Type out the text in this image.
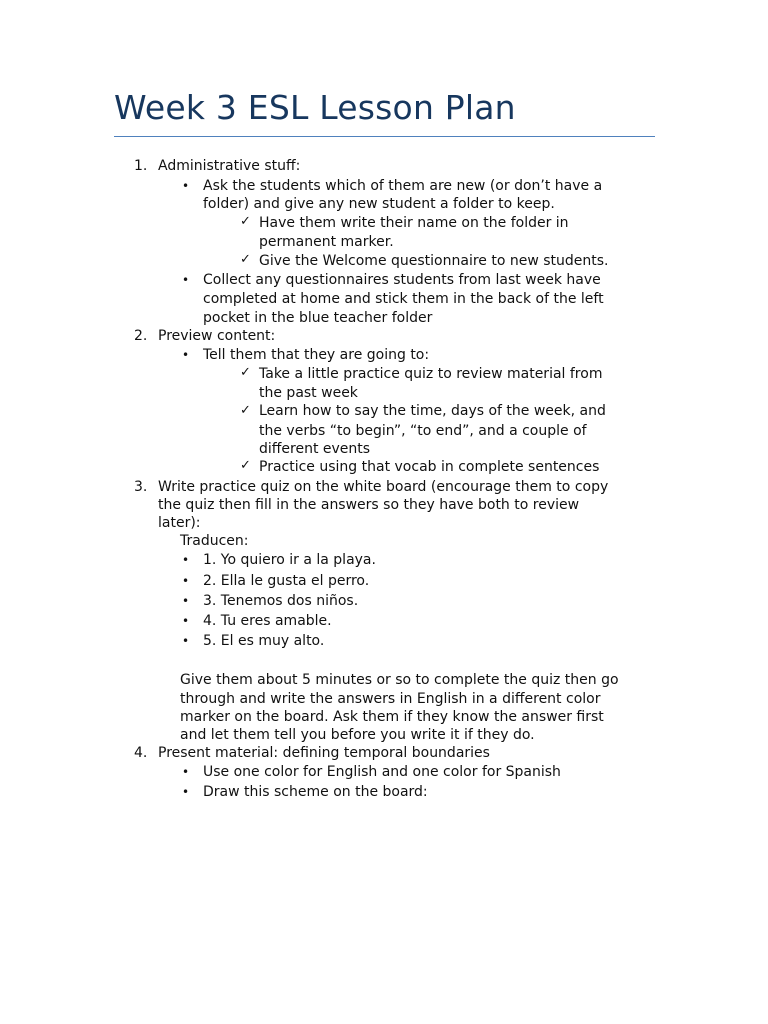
Week 3 ESL Lesson Plan
1. Administrative stuff:
• Ask the students which of them are new (or don’t have a
folder) and give any new student a folder to keep.
✓ Have them write their name on the folder in
permanent marker.
✓ Give the Welcome questionnaire to new students.
• Collect any questionnaires students from last week have
completed at home and stick them in the back of the left
pocket in the blue teacher folder
2. Preview content:
• Tell them that they are going to:
✓ Take a little practice quiz to review material from
the past week
✓ Learn how to say the time, days of the week, and
the verbs “to begin”, “to end”, and a couple of
different events
✓ Practice using that vocab in complete sentences
3. Write practice quiz on the white board (encourage them to copy
the quiz then fill in the answers so they have both to review
later):
Traducen:
• 1. Yo quiero ir a la playa.
• 2. Ella le gusta el perro.
• 3. Tenemos dos niños.
• 4. Tu eres amable.
• 5. El es muy alto.
Give them about 5 minutes or so to complete the quiz then go
through and write the answers in English in a different color
marker on the board. Ask them if they know the answer first
and let them tell you before you write it if they do.
4. Present material: defining temporal boundaries
• Use one color for English and one color for Spanish
• Draw this scheme on the board:
